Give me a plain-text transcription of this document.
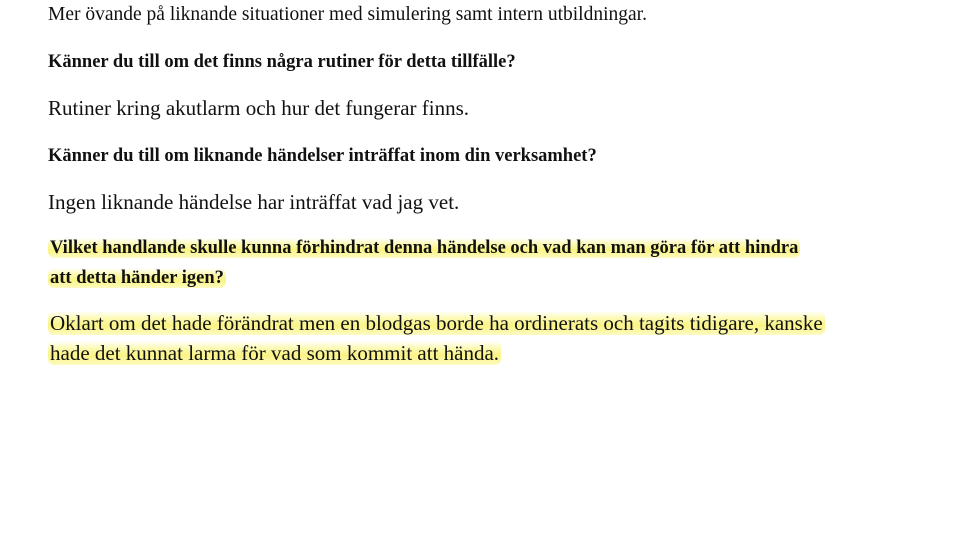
Mer övande på liknande situationer med simulering samt intern utbildningar.
Känner du till om det finns några rutiner för detta tillfälle?
Rutiner kring akutlarm och hur det fungerar finns.
Känner du till om liknande händelser inträffat inom din verksamhet?
Ingen liknande händelse har inträffat vad jag vet.
Vilket handlande skulle kunna förhindrat denna händelse och vad kan man göra för att hindra
att detta händer igen?
Oklart om det hade förändrat men en blodgas borde ha ordinerats och tagits tidigare, kanske
hade det kunnat larma för vad som kommit att hända.
